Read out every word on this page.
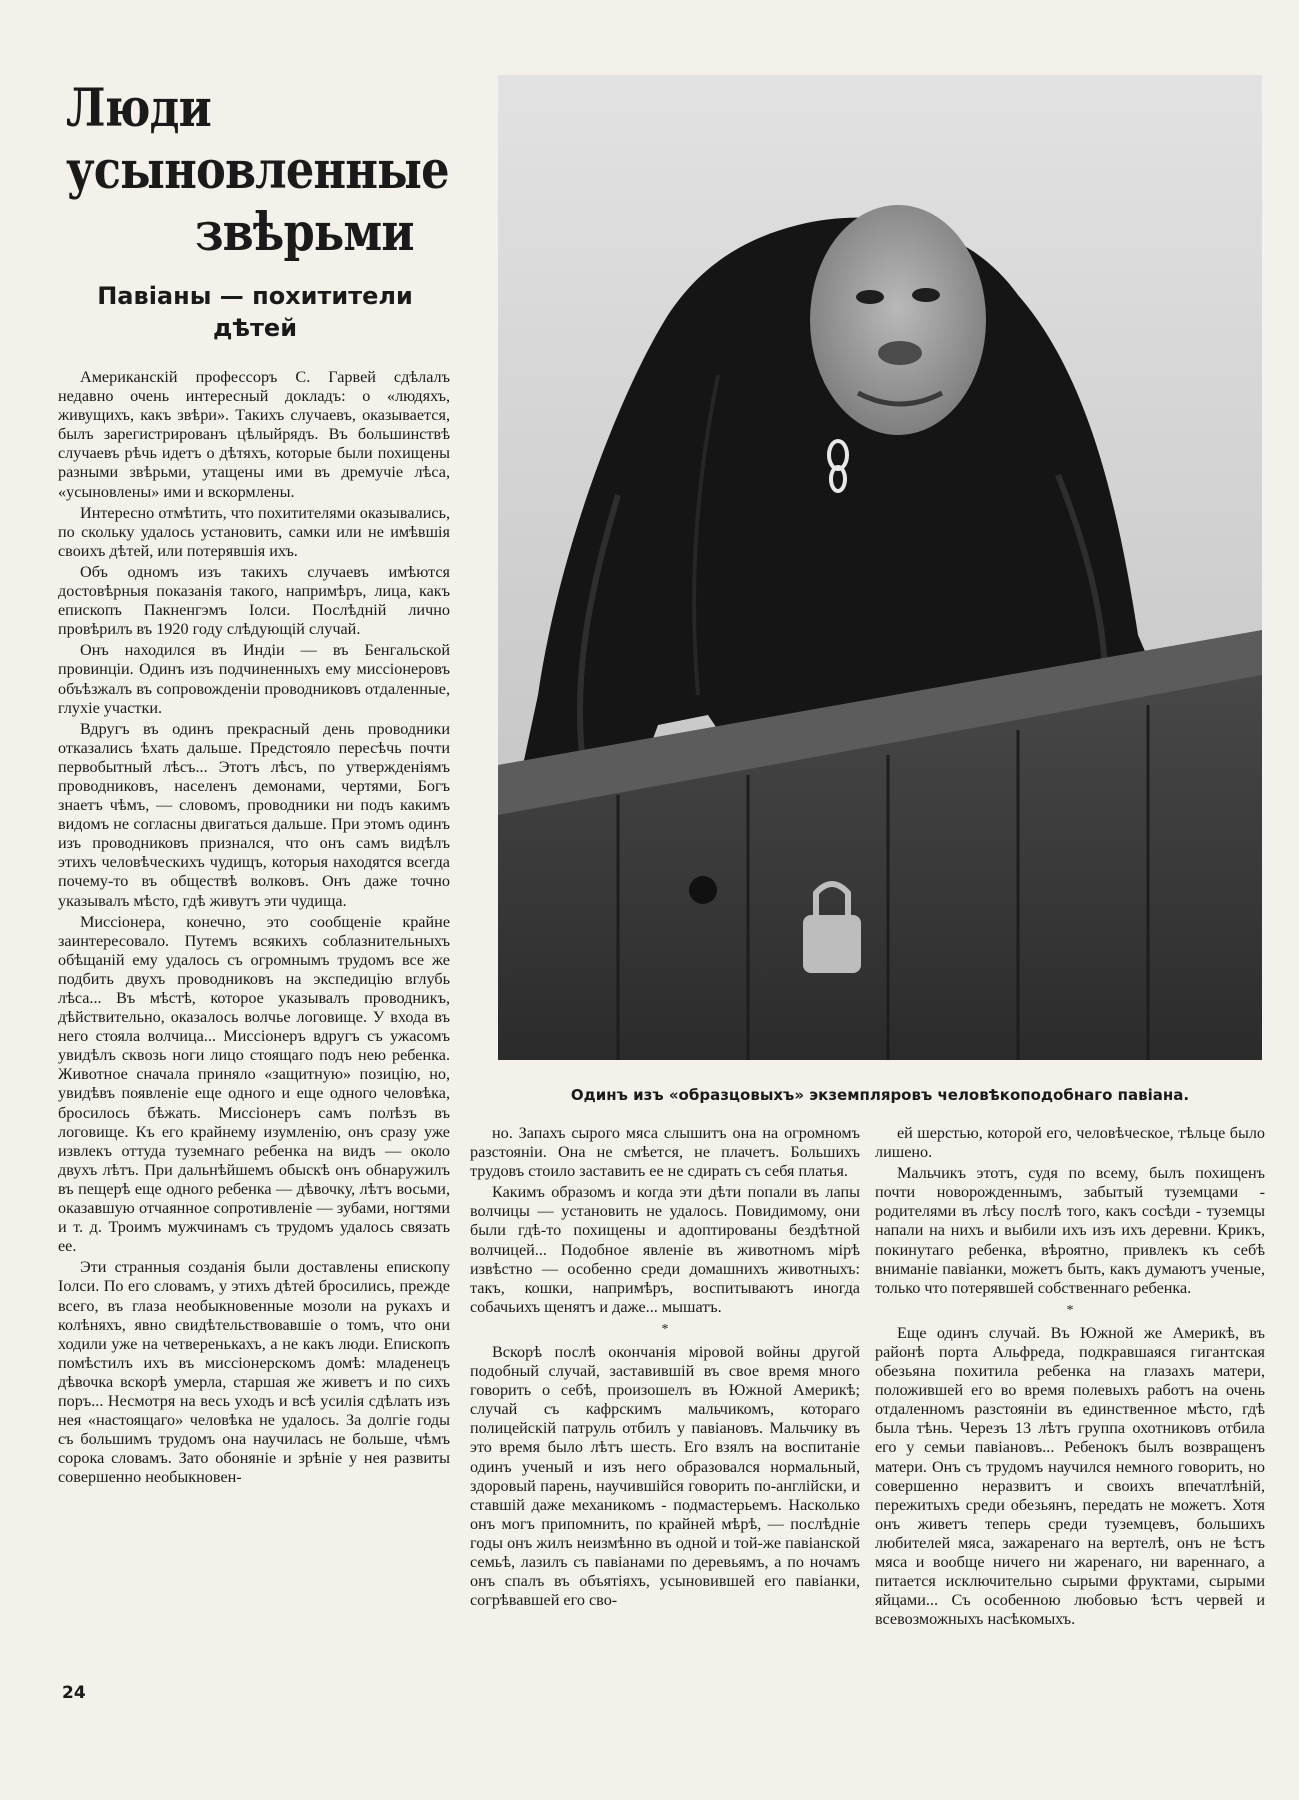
Люди
усыновленные
звѣрьми
Павіаны — похитители дѣтей

Американскій профессоръ С. Гарвей сдѣлалъ недавно очень интересный докладъ: о «людяхъ, живущихъ, какъ звѣри». Такихъ случаевъ, оказывается, былъ зарегистрированъ цѣлыйрядъ. Въ большинствѣ случаевъ рѣчь идетъ о дѣтяхъ, которые были похищены разными звѣрьми, утащены ими въ дремучіе лѣса, «усыновлены» ими и вскормлены.

Интересно отмѣтить, что похитителями оказывались, по скольку удалось установить, самки или не имѣвшія своихъ дѣтей, или потерявшія ихъ.

Объ одномъ изъ такихъ случаевъ имѣются достовѣрныя показанія такого, напримѣръ, лица, какъ епископъ Пакненгэмъ Іолси. Послѣдній лично провѣрилъ въ 1920 году слѣдующій случай.

Онъ находился въ Индіи — въ Бенгальской провинціи. Одинъ изъ подчиненныхъ ему миссіонеровъ объѣзжалъ въ сопровожденіи проводниковъ отдаленные, глухіе участки.

Вдругъ въ одинъ прекрасный день проводники отказались ѣхать дальше. Предстояло пересѣчь почти первобытный лѣсъ... Этотъ лѣсъ, по утвержденіямъ проводниковъ, населенъ демонами, чертями, Богъ знаетъ чѣмъ, — словомъ, проводники ни подъ какимъ видомъ не согласны двигаться дальше. При этомъ одинъ изъ проводниковъ признался, что онъ самъ видѣлъ этихъ человѣческихъ чудищъ, которыя находятся всегда почему-то въ обществѣ волковъ. Онъ даже точно указывалъ мѣсто, гдѣ живутъ эти чудища.

Миссіонера, конечно, это сообщеніе крайне заинтересовало. Путемъ всякихъ соблазнительныхъ обѣщаній ему удалось съ огромнымъ трудомъ все же подбить двухъ проводниковъ на экспедицію вглубь лѣса... Въ мѣстѣ, которое указывалъ проводникъ, дѣйствительно, оказалось волчье логовище. У входа въ него стояла волчица... Миссіонеръ вдругъ съ ужасомъ увидѣлъ сквозь ноги лицо стоящаго подъ нею ребенка. Животное сначала приняло «защитную» позицію, но, увидѣвъ появленіе еще одного и еще одного человѣка, бросилось бѣжать. Миссіонеръ самъ полѣзъ въ логовище. Къ его крайнему изумленію, онъ сразу уже извлекъ оттуда туземнаго ребенка на видъ — около двухъ лѣтъ. При дальнѣйшемъ обыскѣ онъ обнаружилъ въ пещерѣ еще одного ребенка — дѣвочку, лѣтъ восьми, оказавшую отчаянное сопротивленіе — зубами, ногтями и т. д. Троимъ мужчинамъ съ трудомъ удалось связать ее.

Эти странныя созданія были доставлены епископу Іолси. По его словамъ, у этихъ дѣтей бросились, прежде всего, въ глаза необыкновенные мозоли на рукахъ и колѣняхъ, явно свидѣтельствовавшіе о томъ, что они ходили уже на четверенькахъ, а не какъ люди. Епископъ помѣстилъ ихъ въ миссіонерскомъ домѣ: младенецъ дѣвочка вскорѣ умерла, старшая же живетъ и по сихъ поръ... Несмотря на весь уходъ и всѣ усилія сдѣлать изъ нея «настоящаго» человѣка не удалось. За долгіе годы съ большимъ трудомъ она научилась не больше, чѣмъ сорока словамъ. Зато обоняніе и зрѣніе у нея развиты совершенно необыкновен-

но. Запахъ сырого мяса слышитъ она на огромномъ разстояніи. Она не смѣется, не плачетъ. Большихъ трудовъ стоило заставить ее не сдирать съ себя платья.

Какимъ образомъ и когда эти дѣти попали въ лапы волчицы — установить не удалось. Повидимому, они были гдѣ-то похищены и адоптированы бездѣтной волчицей... Подобное явленіе въ животномъ мірѣ извѣстно — особенно среди домашнихъ животныхъ: такъ, кошки, напримѣръ, воспитываютъ иногда собачьихъ щенятъ и даже... мышатъ.

*

Вскорѣ послѣ окончанія міровой войны другой подобный случай, заставившій въ свое время много говорить о себѣ, произошелъ въ Южной Америкѣ; случай съ кафрскимъ мальчикомъ, котораго полицейскій патруль отбилъ у павіановъ. Мальчику въ это время было лѣтъ шесть. Его взялъ на воспитаніе одинъ ученый и изъ него образовался нормальный, здоровый парень, научившійся говорить по-англійски, и ставшій даже механикомъ - подмастерьемъ. Насколько онъ могъ припомнить, по крайней мѣрѣ, — послѣдніе годы онъ жилъ неизмѣнно въ одной и той-же павіанской семьѣ, лазилъ съ павіанами по деревьямъ, а по ночамъ онъ спалъ въ объятіяхъ, усыновившей его павіанки, согрѣвавшей его сво-

ей шерстью, которой его, человѣческое, тѣльце было лишено.

Мальчикъ этотъ, судя по всему, былъ похищенъ почти новорожденнымъ, забытый туземцами - родителями въ лѣсу послѣ того, какъ сосѣди - туземцы напали на нихъ и выбили ихъ изъ ихъ деревни. Крикъ, покинутаго ребенка, вѣроятно, привлекъ къ себѣ вниманіе павіанки, можетъ быть, какъ думаютъ ученые, только что потерявшей собственнаго ребенка.

*

Еще одинъ случай. Въ Южной же Америкѣ, въ районѣ порта Альфреда, подкравшаяся гигантская обезьяна похитила ребенка на глазахъ матери, положившей его во время полевыхъ работъ на очень отдаленномъ разстояніи въ единственное мѣсто, гдѣ была тѣнь. Черезъ 13 лѣтъ группа охотниковъ отбила его у семьи павіановъ... Ребенокъ былъ возвращенъ матери. Онъ съ трудомъ научился немного говорить, но совершенно неразвитъ и своихъ впечатлѣній, пережитыхъ среди обезьянъ, передать не можетъ. Хотя онъ живетъ теперь среди туземцевъ, большихъ любителей мяса, зажаренаго на вертелѣ, онъ не ѣстъ мяса и вообще ничего ни жаренаго, ни вареннаго, а питается исключительно сырыми фруктами, сырыми яйцами... Съ особенною любовью ѣстъ червей и всевозможныхъ насѣкомыхъ.

Одинъ изъ «образцовыхъ» экземпляровъ человѣкоподобнаго павіана.
24
